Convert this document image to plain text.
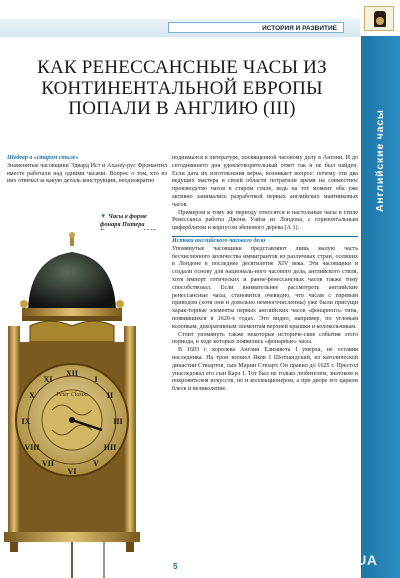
ИСТОРИЯ И РАЗВИТИЕ
Английские часы
КАК РЕНЕССАНСНЫЕ ЧАСЫ ИЗ КОНТИНЕНТАЛЬНОЙ ЕВРОПЫ ПОПАЛИ В АНГЛИЮ (III)
Шедевр в «старом стиле»
Знаменитые часовщики Эдвард Ист и Ахазеу-рус Фромантил вместе работали над одними часами. Вопрос о том, кто из них отвечал за какую деталь конструкции, неоднократно
▼ Часы в форме фонаря Питера
Peter Closon
XII
I
II
III
IIII
V
VI
VII
VIII
IX
X
XI
поднимался в литературе, посвященной часовому делу в Англии. И до сегодняшнего дня удовлетворительный ответ так и не был найден. Если дата их изготовления верна, возникает вопрос: почему эти два ведущих мастера в своей области потратили время на совместное производство часов в старом стиле, ведь на тот момент оба уже активно занимались разработкой первых английских маятниковых часов.

Примером к тому же периоду относятся и настольные часы в стиле Ренессанса работы Джона Уайза из Лондона, с горизонтальным циферблатом и корпусом эбенового дерева (А 1).
Истоки английского часового дела
Упомянутые часовщики представляют лишь малую часть бесчисленного количества иммигрантов из различных стран, осевших в Лондоне в последнее десятилетие XIV века. Эти часовщики и создали основу для националь-ного часового дела, английского стиля, хотя импорт готических и ранне-ренессансных часов также тому способствовал. Если внимательнее рассмотреть английские ренессансные часы, становится очевидно, что часам с гиревым приводом (хотя они и довольно немногочисленны) уже были присущи харак-терные элементы первых английских часов «фонарного» типа, появившихся в 1620-х годах. Это видно, например, по угловым колонкам, декоративным элементам верхней крышки и колокольчикам.
Стоит упомянуть также некоторые историче-ские события этого периода, в ходе которых появились «фонарные» часы.
В 1603 г. королева Англии Елизавета I умерла, не оставив наследника. На трон взошел Яков I Шотландский, из католической династии Стюартов, сын Марии Стюарт. Он правил до 1625 г. Престол унаследовал его сын Карл I. Тот был не только любителем, знатоком и покровителем искусств, но и коллекционером, а при дворе его царили блеск и великолепие.
5	UNC.UA
